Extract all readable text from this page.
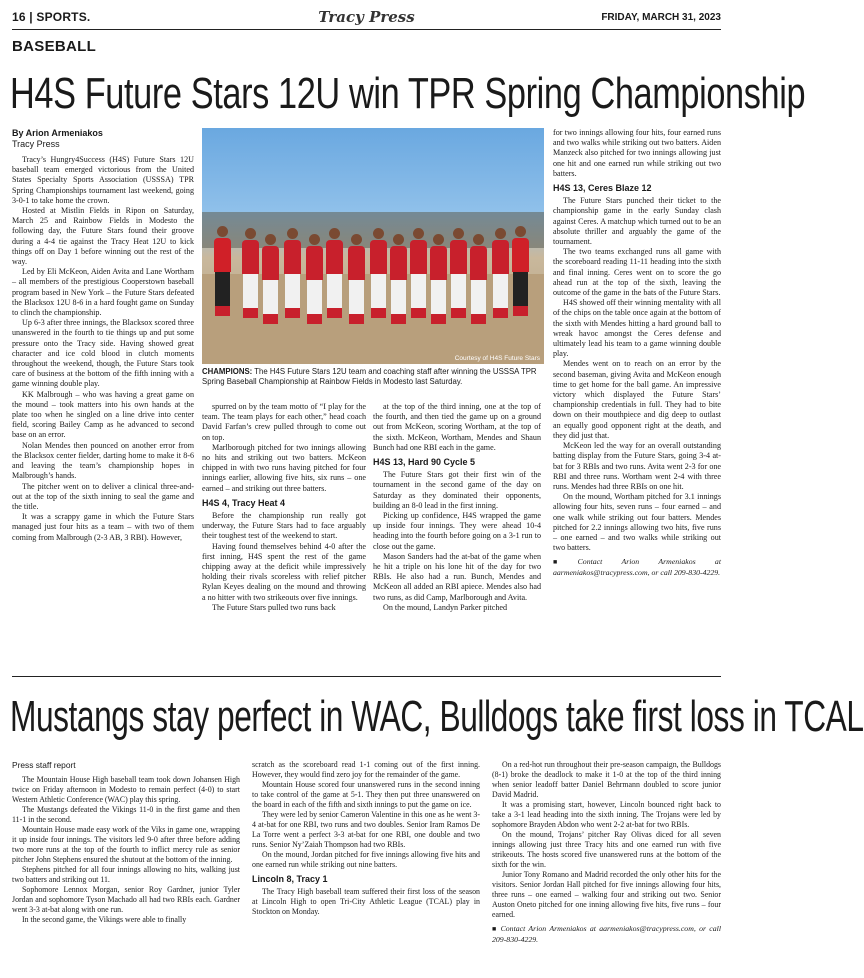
16 | SPORTS.	Tracy Press	FRIDAY, MARCH 31, 2023
BASEBALL
H4S Future Stars 12U win TPR Spring Championship
By Arion Armeniakos
Tracy Press

Tracy’s Hungry4Success (H4S) Future Stars 12U baseball team emerged victorious from the United States Specialty Sports Association (USSSA) TPR Spring Championships tournament last weekend, going 3-0-1 to take home the crown.

Hosted at Mistlin Fields in Ripon on Saturday, March 25 and Rainbow Fields in Modesto the following day, the Future Stars found their groove during a 4-4 tie against the Tracy Heat 12U to kick things off on Day 1 before winning out the rest of the way.

Led by Eli McKeon, Aiden Avita and Lane Wortham – all members of the prestigious Cooperstown baseball program based in New York – the Future Stars defeated the Blacksox 12U 8-6 in a hard fought game on Sunday to clinch the championship.

Up 6-3 after three innings, the Blacksox scored three unanswered in the fourth to tie things up and put some pressure onto the Tracy side. Having showed great character and ice cold blood in clutch moments throughout the weekend, though, the Future Stars took care of business at the bottom of the fifth inning with a game winning double play.

KK Malbrough – who was having a great game on the mound – took matters into his own hands at the plate too when he singled on a line drive into center field, scoring Bailey Camp as he advanced to second base on an error.

Nolan Mendes then pounced on another error from the Blacksox center fielder, darting home to make it 8-6 and leaving the team’s championship hopes in Malbrough’s hands.

The pitcher went on to deliver a clinical three-and-out at the top of the sixth inning to seal the game and the title.

It was a scrappy game in which the Future Stars managed just four hits as a team – with two of them coming from Malbrough (2-3 AB, 3 RBI). However,

Courtesy of H4S Future Stars
CHAMPIONS: The H4S Future Stars 12U team and coaching staff after winning the USSSA TPR Spring Baseball Championship at Rainbow Fields in Modesto last Saturday.

spurred on by the team motto of “I play for the team. The team plays for each other,” head coach David Farfan’s crew pulled through to come out on top.

Marlborough pitched for two innings allowing no hits and striking out two batters. McKeon chipped in with two runs having pitched for four innings earlier, allowing five hits, six runs – one earned – and striking out three batters.

H4S 4, Tracy Heat 4

Before the championship run really got underway, the Future Stars had to face arguably their toughest test of the weekend to start.

Having found themselves behind 4-0 after the first inning, H4S spent the rest of the game chipping away at the deficit while impressively holding their rivals scoreless with relief pitcher Rylan Keyes dealing on the mound and throwing a no hitter with two strikeouts over five innings.

The Future Stars pulled two runs back

at the top of the third inning, one at the top of the fourth, and then tied the game up on a ground out from McKeon, scoring Wortham, at the top of the sixth. McKeon, Wortham, Mendes and Shaun Bunch had one RBI each in the game.

H4S 13, Hard 90 Cycle 5

The Future Stars got their first win of the tournament in the second game of the day on Saturday as they dominated their opponents, building an 8-0 lead in the first inning.

Picking up confidence, H4S wrapped the game up inside four innings. They were ahead 10-4 heading into the fourth before going on a 3-1 run to close out the game.

Mason Sanders had the at-bat of the game when he hit a triple on his lone hit of the day for two RBIs. He also had a run. Bunch, Mendes and McKeon all added an RBI apiece. Mendes also had two runs, as did Camp, Marlborough and Avita.

On the mound, Landyn Parker pitched

for two innings allowing four hits, four earned runs and two walks while striking out two batters. Aiden Manzeck also pitched for two innings allowing just one hit and one earned run while striking out two batters.

H4S 13, Ceres Blaze 12

The Future Stars punched their ticket to the championship game in the early Sunday clash against Ceres. A matchup which turned out to be an absolute thriller and arguably the game of the tournament.

The two teams exchanged runs all game with the scoreboard reading 11-11 heading into the sixth and final inning. Ceres went on to score the go ahead run at the top of the sixth, leaving the outcome of the game in the bats of the Future Stars.

H4S showed off their winning mentality with all of the chips on the table once again at the bottom of the sixth with Mendes hitting a hard ground ball to wreak havoc amongst the Ceres defense and ultimately lead his team to a game winning double play.

Mendes went on to reach on an error by the second baseman, giving Avita and McKeon enough time to get home for the ball game. An impressive victory which displayed the Future Stars’ championship credentials in full. They had to bite down on their mouthpiece and dig deep to outlast an equally good opponent right at the death, and they did just that.

McKeon led the way for an overall outstanding batting display from the Future Stars, going 3-4 at-bat for 3 RBIs and two runs. Avita went 2-3 for one RBI and three runs. Wortham went 2-4 with three runs. Mendes had three RBIs on one hit.

On the mound, Wortham pitched for 3.1 innings allowing four hits, seven runs – four earned – and one walk while striking out four batters. Mendes pitched for 2.2 innings allowing two hits, five runs – one earned – and two walks while striking out two batters.

■ Contact Arion Armeniakos at aarmeniakos@tracypress.com, or call 209-830-4229.

Mustangs stay perfect in WAC, Bulldogs take first loss in TCAL
Press staff report

The Mountain House High baseball team took down Johansen High twice on Friday afternoon in Modesto to remain perfect (4-0) to start Western Athletic Conference (WAC) play this spring.

The Mustangs defeated the Vikings 11-0 in the first game and then 11-1 in the second.

Mountain House made easy work of the Viks in game one, wrapping it up inside four innings. The visitors led 9-0 after three before adding two more runs at the top of the fourth to inflict mercy rule as senior pitcher John Stephens ensured the shutout at the bottom of the inning.

Stephens pitched for all four innings allowing no hits, walking just two batters and striking out 11.

Sophomore Lennox Morgan, senior Roy Gardner, junior Tyler Jordan and sophomore Tyson Machado all had two RBIs each. Gardner went 3-3 at-bat along with one run.

In the second game, the Vikings were able to finally

scratch as the scoreboard read 1-1 coming out of the first inning. However, they would find zero joy for the remainder of the game.

Mountain House scored four unanswered runs in the second inning to take control of the game at 5-1. They then put three unanswered on the board in each of the fifth and sixth innings to put the game on ice.

They were led by senior Cameron Valentine in this one as he went 3-4 at-bat for one RBI, two runs and two doubles. Senior Iram Ramos De La Torre went a perfect 3-3 at-bat for one RBI, one double and two runs. Senior Ny’Zaiah Thompson had two RBIs.

On the mound, Jordan pitched for five innings allowing five hits and one earned run while striking out nine batters.

Lincoln 8, Tracy 1

The Tracy High baseball team suffered their first loss of the season at Lincoln High to open Tri-City Athletic League (TCAL) play in Stockton on Monday.

On a red-hot run throughout their pre-season campaign, the Bulldogs (8-1) broke the deadlock to make it 1-0 at the top of the third inning when senior leadoff batter Daniel Behrmann doubled to score junior David Madrid.

It was a promising start, however, Lincoln bounced right back to take a 3-1 lead heading into the sixth inning. The Trojans were led by sophomore Brayden Abdon who went 2-2 at-bat for two RBIs.

On the mound, Trojans’ pitcher Ray Olivas diced for all seven innings allowing just three Tracy hits and one earned run with five strikeouts. The hosts scored five unanswered runs at the bottom of the sixth for the win.

Junior Tony Romano and Madrid recorded the only other hits for the visitors. Senior Jordan Hall pitched for five innings allowing four hits, three runs – one earned – walking four and striking out two. Senior Auston Oneto pitched for one inning allowing five hits, five runs – four earned.

■ Contact Arion Armeniakos at aarmeniakos@tracypress.com, or call 209-830-4229.
